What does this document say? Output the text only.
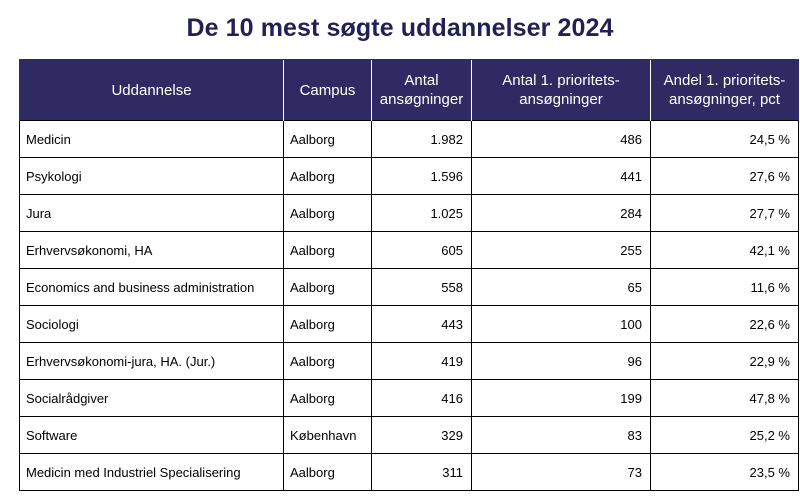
De 10 mest søgte uddannelser 2024
Uddannelse	Campus	Antal ansøgninger	Antal 1. prioritets-ansøgninger	Andel 1. prioritets-ansøgninger, pct
Medicin	Aalborg	1.982	486	24,5 %
Psykologi	Aalborg	1.596	441	27,6 %
Jura	Aalborg	1.025	284	27,7 %
Erhvervsøkonomi, HA	Aalborg	605	255	42,1 %
Economics and business administration	Aalborg	558	65	11,6 %
Sociologi	Aalborg	443	100	22,6 %
Erhvervsøkonomi-jura, HA. (Jur.)	Aalborg	419	96	22,9 %
Socialrådgiver	Aalborg	416	199	47,8 %
Software	København	329	83	25,2 %
Medicin med Industriel Specialisering	Aalborg	311	73	23,5 %
